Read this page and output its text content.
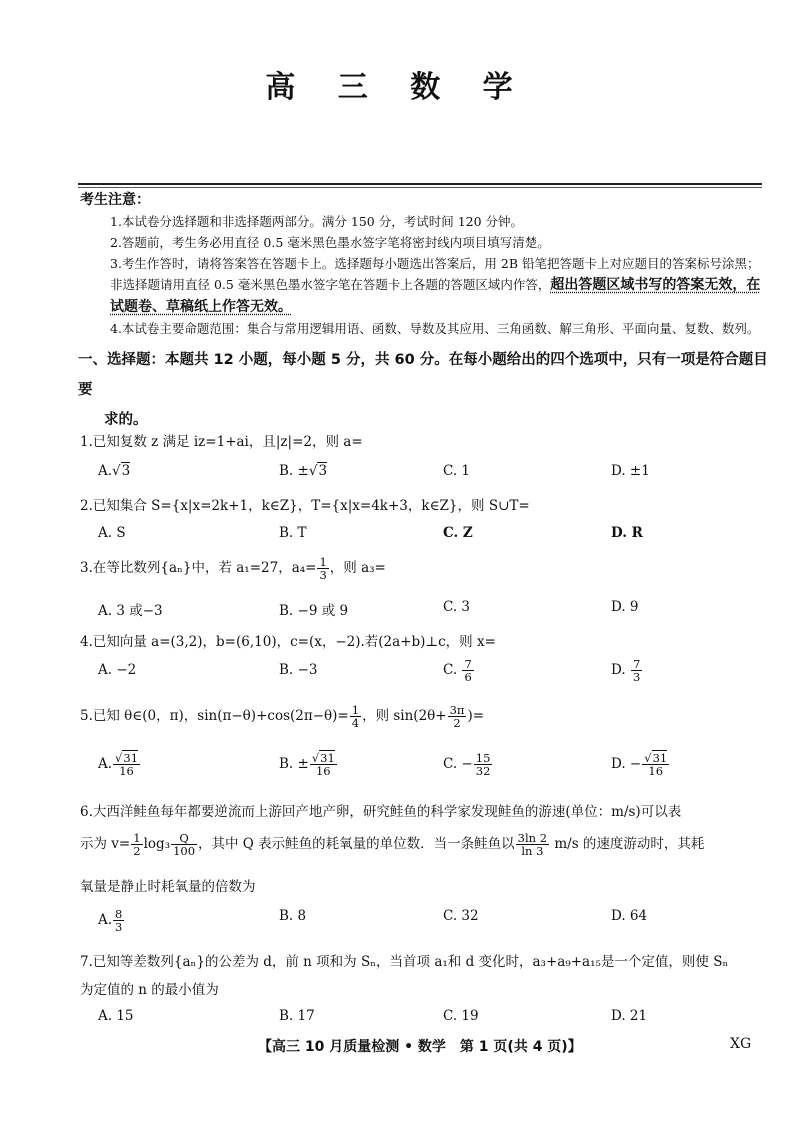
高 三 数 学
考生注意：
1.本试卷分选择题和非选择题两部分。满分 150 分，考试时间 120 分钟。
2.答题前，考生务必用直径 0.5 毫米黑色墨水签字笔将密封线内项目填写清楚。
3.考生作答时，请将答案答在答题卡上。选择题每小题选出答案后，用 2B 铅笔把答题卡上对应题目的答案标号涂黑；非选择题请用直径 0.5 毫米黑色墨水签字笔在答题卡上各题的答题区域内作答，超出答题区域书写的答案无效，在试题卷、草稿纸上作答无效。
4.本试卷主要命题范围：集合与常用逻辑用语、函数、导数及其应用、三角函数、解三角形、平面向量、复数、数列。
一、选择题：本题共 12 小题，每小题 5 分，共 60 分。在每小题给出的四个选项中，只有一项是符合题目要
求的。
1.已知复数 z 满足 iz=1+ai，且|z|=2，则 a=
A.√3	B. ±√3	C. 1	D. ±1
2.已知集合 S={x|x=2k+1，k∈Z}，T={x|x=4k+3，k∈Z}，则 S∪T=
A. S	B. T	C. Z	D. R
3.在等比数列{aₙ}中，若 a₁=27，$a_4= \frac{1}{3}$ ，则 a₃=
A. 3 或−3	B. −9 或 9	C. 3	D. 9
4.已知向量 a=(3,2)，b=(6,10)，c=(x，−2).若(2a+b)⊥c，则 x=
A. −2	B. −3	C. $\frac{7}{6}$	D. $\frac{7}{3}$
5.已知 θ∈(0，π)，$\sin(\pi-\theta)+\cos(2\pi-\theta)= \frac{1}{4}$ ，则 $\sin(2\theta+ \frac{3\pi}{2}$ )=
A. $\frac{√31}{16}$	B. ± $\frac{√31}{16}$	C. − $\frac{15}{32}$	D. − $\frac{√31}{16}$
6.大西洋鲑鱼每年都要逆流而上游回产地产卵，研究鲑鱼的科学家发现鲑鱼的游速(单位：m/s)可以表
示为 $v= \frac{1}{2} \log_3 \frac{Q}{100}$ ，其中 Q 表示鲑鱼的耗氧量的单位数．当一条鲑鱼以 $\frac{3\ln 2}{\ln 3} m/s$ 的速度游动时，其耗
氧量是静止时耗氧量的倍数为
A. $\frac{8}{3}$	B. 8	C. 32	D. 64
7.已知等差数列{aₙ}的公差为 d，前 n 项和为 Sₙ，当首项 a₁和 d 变化时，a₃+a₉+a₁₅是一个定值，则使 Sₙ
为定值的 n 的最小值为
A. 15	B. 17	C. 19	D. 21
【高三 10 月质量检测 • 数学　第 1 页(共 4 页)】	XG
